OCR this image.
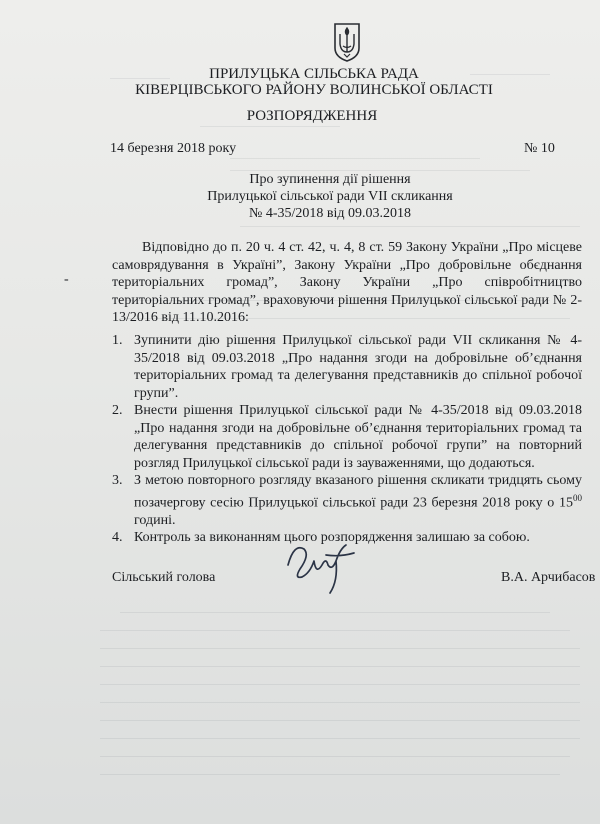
ПРИЛУЦЬКА СІЛЬСЬКА РАДА
КІВЕРЦІВСЬКОГО РАЙОНУ ВОЛИНСЬКОЇ ОБЛАСТІ
РОЗПОРЯДЖЕННЯ
14 березня 2018 року	№ 10
Про зупинення дії рішення
Прилуцької сільської ради VІІ скликання
№ 4-35/2018 від 09.03.2018
-
Відповідно до п. 20 ч. 4 ст. 42, ч. 4, 8 ст. 59 Закону України „Про місцеве самоврядування в Україні”, Закону України „Про добровільне обєднання територіальних громад”, Закону України „Про співробітництво територіальних громад”, враховуючи рішення Прилуцької сільської ради № 2-13/2016 від 11.10.2016:
1. Зупинити дію рішення Прилуцької сільської ради VІІ скликання № 4-35/2018 від 09.03.2018 „Про надання згоди на добровільне об’єднання територіальних громад та делегування представників до спільної робочої групи”.
2. Внести рішення Прилуцької сільської ради № 4-35/2018 від 09.03.2018 „Про надання згоди на добровільне об’єднання територіальних громад та делегування представників до спільної робочої групи” на повторний розгляд Прилуцької сільської ради із зауваженнями, що додаються.
3. З метою повторного розгляду вказаного рішення скликати тридцять сьому позачергову сесію Прилуцької сільської ради 23 березня 2018 року о $15^{00}$ годині.
4. Контроль за виконанням цього розпорядження залишаю за собою.
Сільський голова	В.А. Арчибасов
